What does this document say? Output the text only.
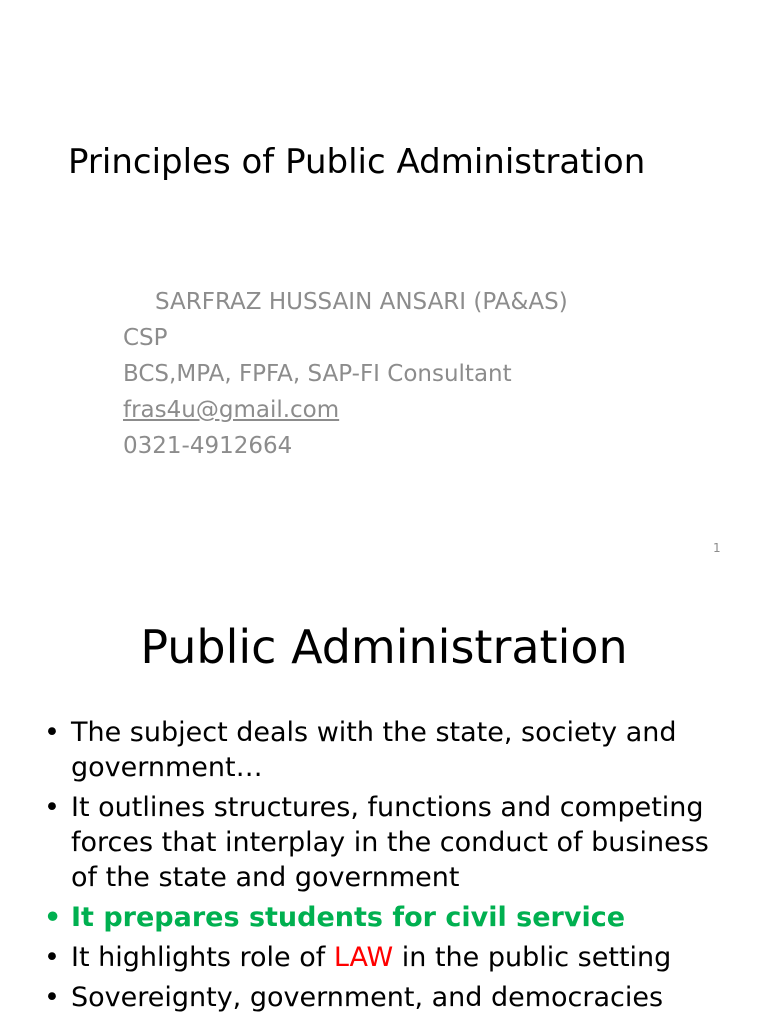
Principles of Public Administration
SARFRAZ HUSSAIN ANSARI (PA&AS)
CSP
BCS,MPA, FPFA, SAP-FI Consultant
fras4u@gmail.com
0321-4912664
1
Public Administration
• The subject deals with the state, society and government…
• It outlines structures, functions and competing forces that interplay in the conduct of business of the state and government
• It prepares students for civil service
• It highlights role of LAW in the public setting
• Sovereignty, government, and democracies
